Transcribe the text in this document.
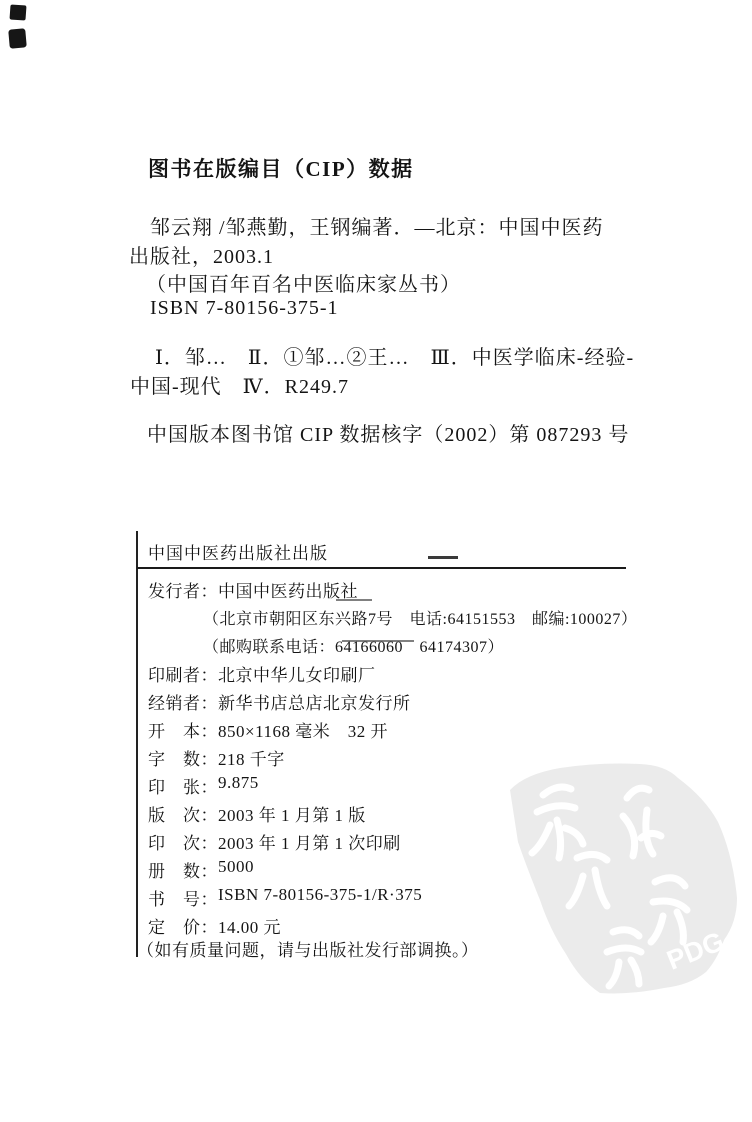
图书在版编目（CIP）数据
邹云翔 /邹燕勤，王钢编著．—北京：中国中医药
出版社，2003.1
（中国百年百名中医临床家丛书）
ISBN 7-80156-375-1
Ⅰ．邹…　Ⅱ．①邹…②王…　Ⅲ．中医学临床-经验-
中国-现代　Ⅳ．R249.7
中国版本图书馆 CIP 数据核字（2002）第 087293 号
中国中医药出版社出版
发行者： 中国中医药出版社
（北京市朝阳区东兴路7号　电话:64151553　邮编:100027）
（邮购联系电话：64166060　64174307）
印刷者： 北京中华儿女印刷厂
经销者： 新华书店总店北京发行所
开　本： 850×1168 毫米　32 开
字　数： 218 千字
印　张： 9.875
版　次： 2003 年 1 月第 1 版
印　次： 2003 年 1 月第 1 次印刷
册　数： 5000
书　号： ISBN 7-80156-375-1/R·375
定　价： 14.00 元
（如有质量问题，请与出版社发行部调换。）	PDG
